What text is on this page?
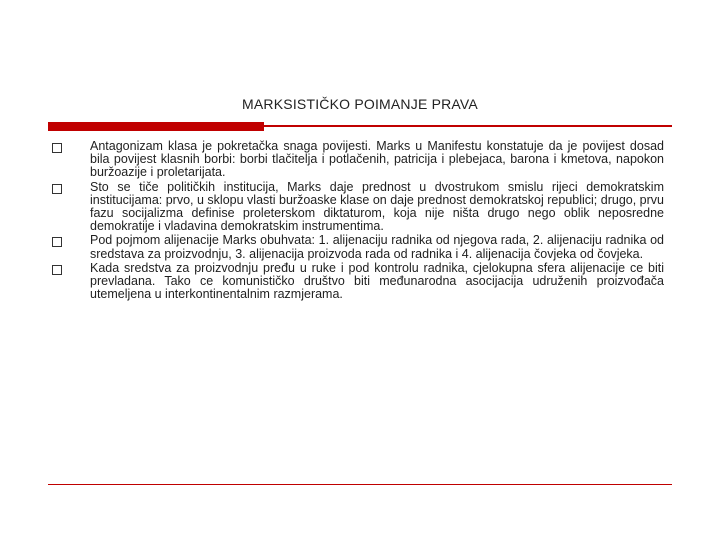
MARKSISTIČKO POIMANJE PRAVA
Antagonizam klasa je pokretačka snaga povijesti. Marks u Manifestu konstatuje da je povijest dosad bila povijest klasnih borbi: borbi tlačitelja i potlačenih, patricija i plebejaca, barona i kmetova, napokon buržoazije i proletarijata.
Sto se tiče političkih institucija, Marks daje prednost u dvostrukom smislu rijeci demokratskim institucijama: prvo, u sklopu vlasti buržoaske klase on daje prednost demokratskoj republici; drugo, prvu fazu socijalizma definise proleterskom diktaturom, koja nije ništa drugo nego oblik neposredne demokratije i vladavina demokratskim instrumentima.
Pod pojmom alijenacije Marks obuhvata: 1. alijenaciju radnika od njegova rada, 2. alijenaciju radnika od sredstava za proizvodnju, 3. alijenacija proizvoda rada od radnika i 4. alijenacija čovjeka od čovjeka.
Kada sredstva za proizvodnju pređu u ruke i pod kontrolu radnika, cjelokupna sfera alijenacije ce biti prevladana. Tako ce komunističko društvo biti međunarodna asocijacija udruženih proizvođača utemeljena u interkontinentalnim razmjerama.
